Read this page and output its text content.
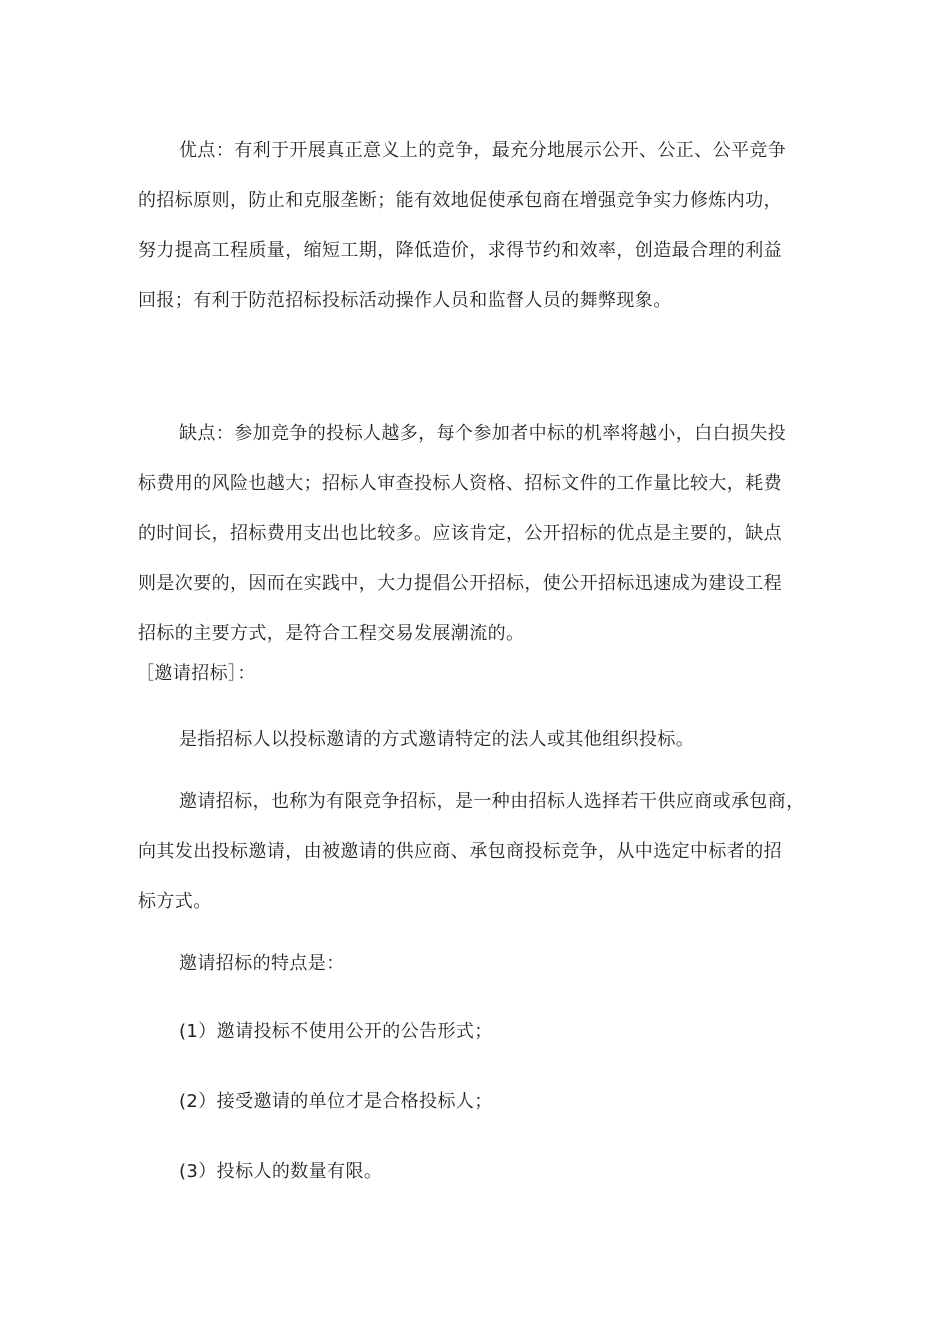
优点：有利于开展真正意义上的竞争，最充分地展示公开、公正、公平竞争
的招标原则，防止和克服垄断；能有效地促使承包商在增强竞争实力修炼内功，
努力提高工程质量，缩短工期，降低造价，求得节约和效率，创造最合理的利益
回报；有利于防范招标投标活动操作人员和监督人员的舞弊现象。
缺点：参加竞争的投标人越多，每个参加者中标的机率将越小，白白损失投
标费用的风险也越大；招标人审查投标人资格、招标文件的工作量比较大，耗费
的时间长，招标费用支出也比较多。应该肯定，公开招标的优点是主要的，缺点
则是次要的，因而在实践中，大力提倡公开招标，使公开招标迅速成为建设工程
招标的主要方式，是符合工程交易发展潮流的。
［邀请招标］：
是指招标人以投标邀请的方式邀请特定的法人或其他组织投标。
邀请招标，也称为有限竞争招标，是一种由招标人选择若干供应商或承包商，
向其发出投标邀请，由被邀请的供应商、承包商投标竞争，从中选定中标者的招
标方式。
邀请招标的特点是：
(1）邀请投标不使用公开的公告形式；
(2）接受邀请的单位才是合格投标人；
(3）投标人的数量有限。
